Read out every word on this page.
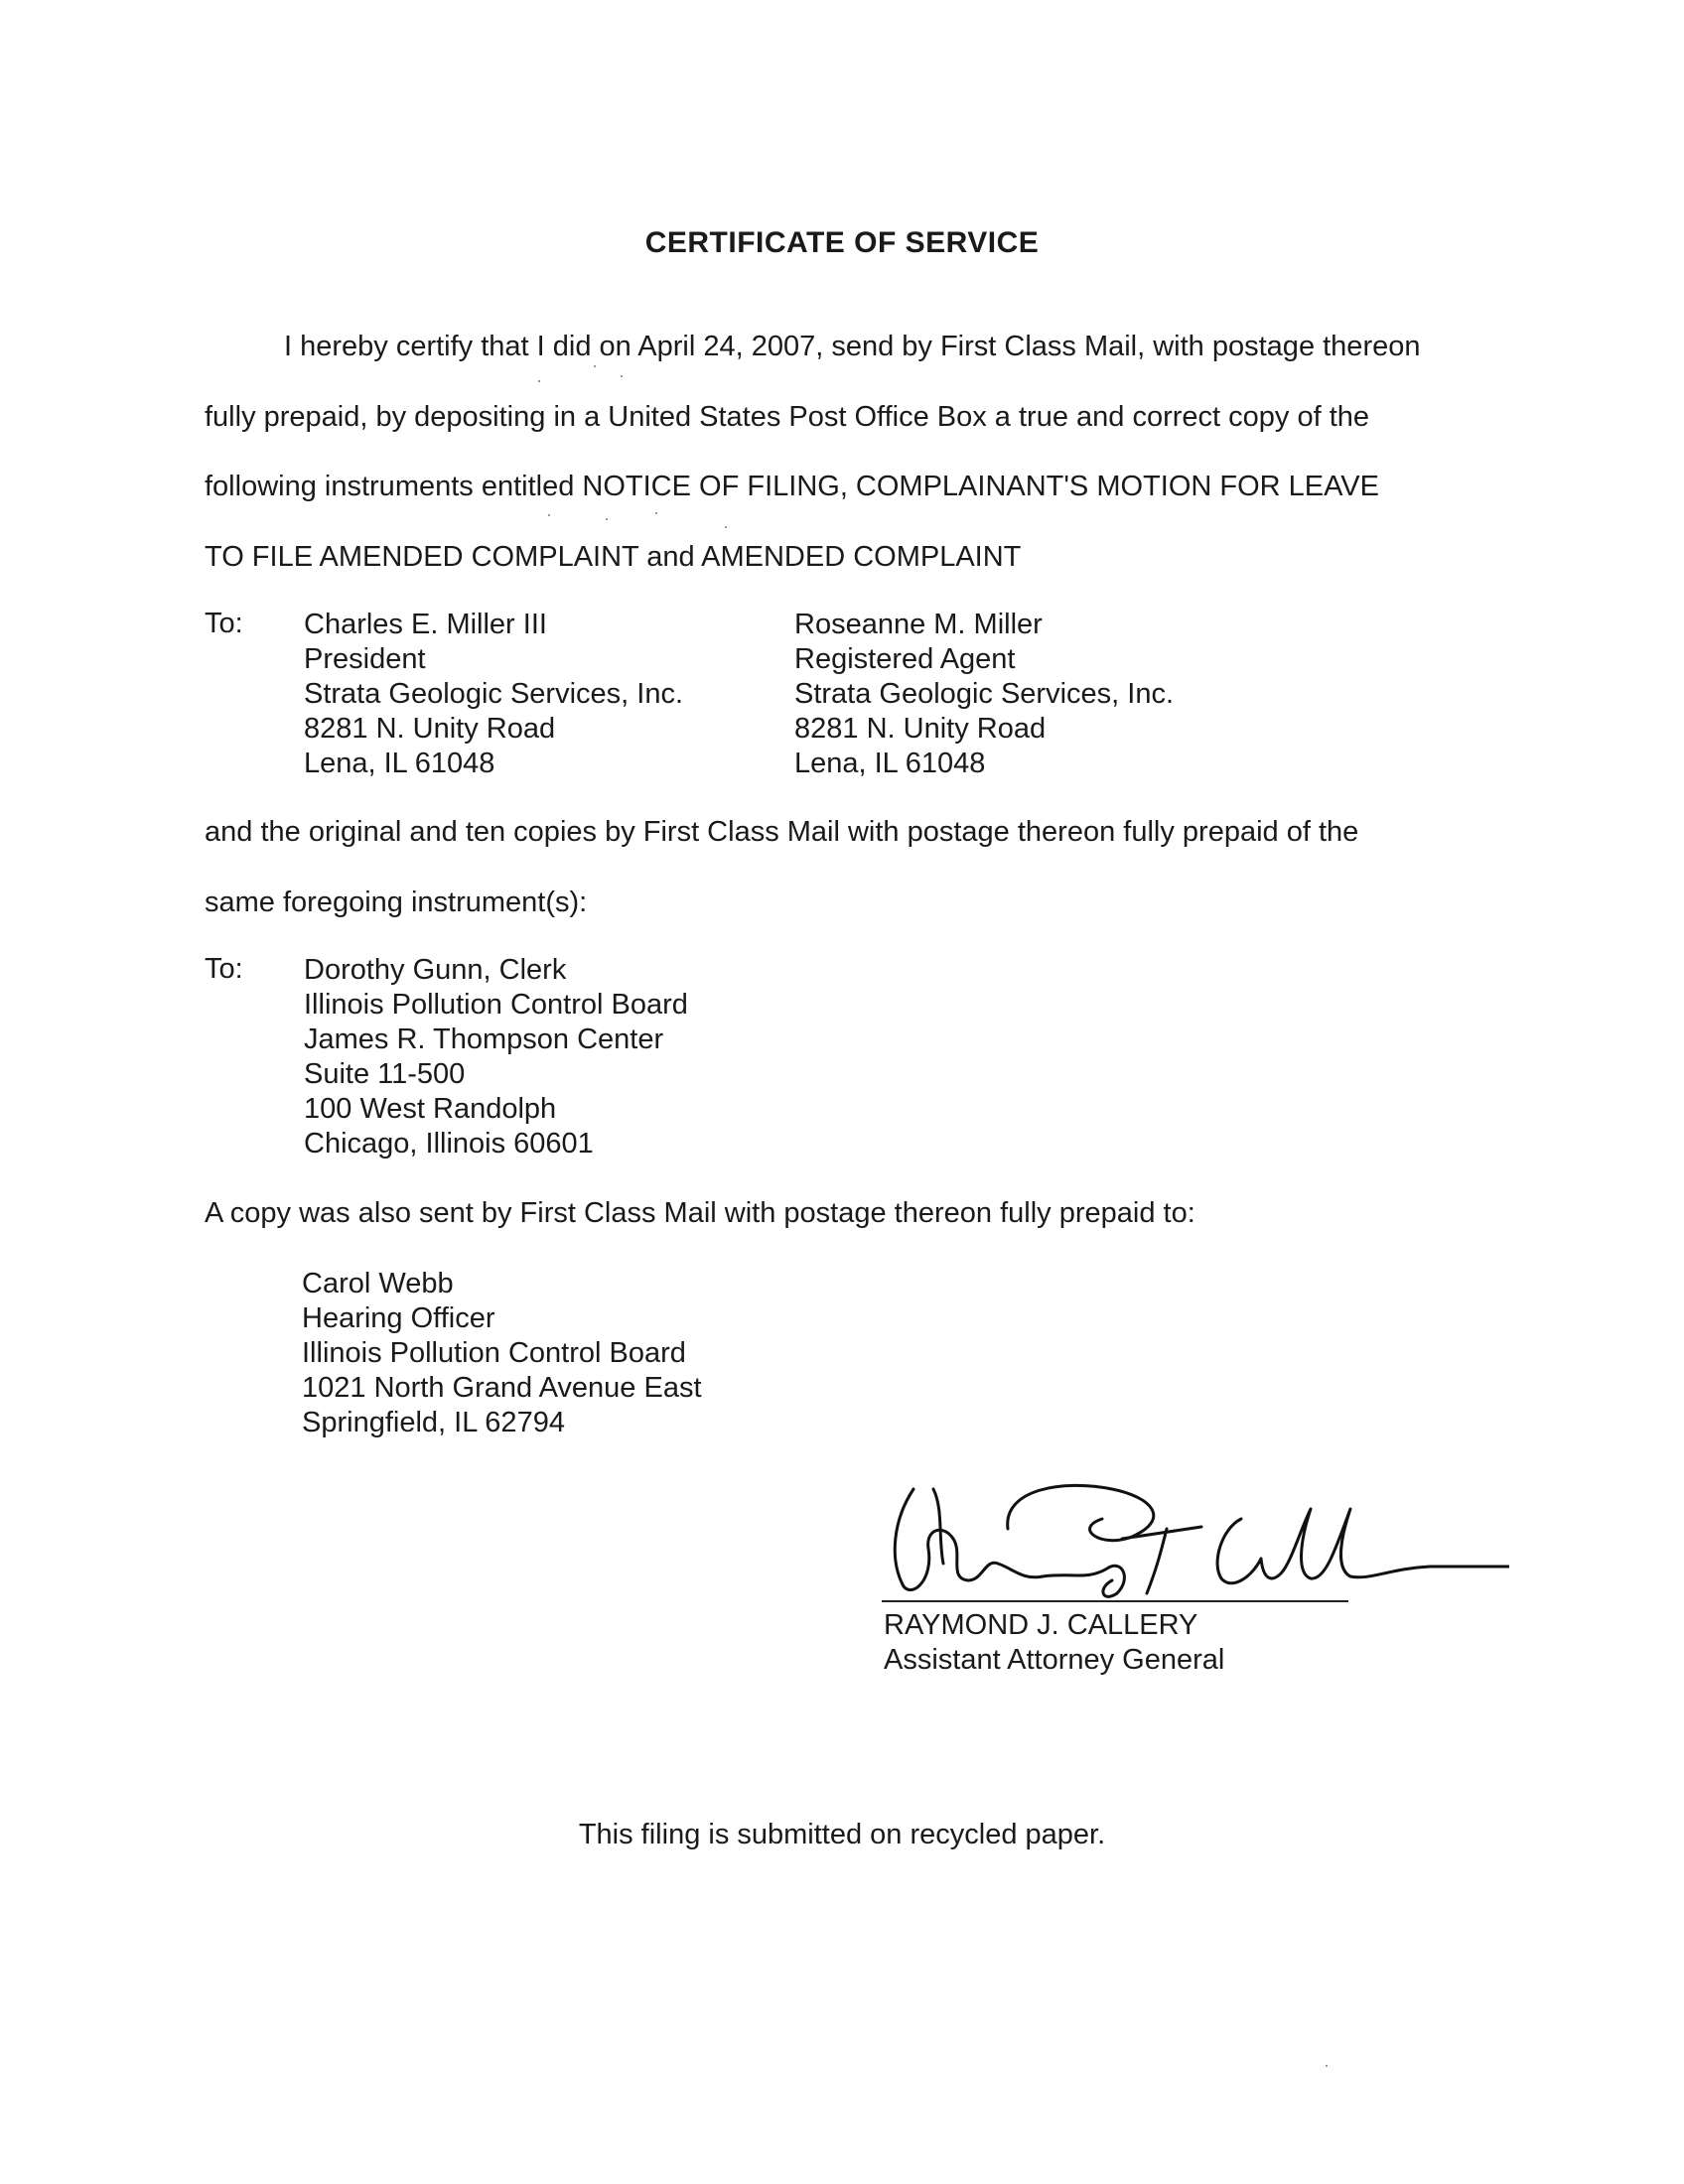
CERTIFICATE OF SERVICE
I hereby certify that I did on April 24, 2007, send by First Class Mail, with postage thereon
fully prepaid, by depositing in a United States Post Office Box a true and correct copy of the
following instruments entitled NOTICE OF FILING, COMPLAINANT'S MOTION FOR LEAVE
TO FILE AMENDED COMPLAINT and AMENDED COMPLAINT
To: Charles E. Miller III
President
Strata Geologic Services, Inc.
8281 N. Unity Road
Lena, IL 61048
Roseanne M. Miller
Registered Agent
Strata Geologic Services, Inc.
8281 N. Unity Road
Lena, IL 61048
and the original and ten copies by First Class Mail with postage thereon fully prepaid of the
same foregoing instrument(s):
To: Dorothy Gunn, Clerk
Illinois Pollution Control Board
James R. Thompson Center
Suite 11-500
100 West Randolph
Chicago, Illinois 60601
A copy was also sent by First Class Mail with postage thereon fully prepaid to:
Carol Webb
Hearing Officer
Illinois Pollution Control Board
1021 North Grand Avenue East
Springfield, IL 62794
RAYMOND J. CALLERY
Assistant Attorney General
This filing is submitted on recycled paper.
